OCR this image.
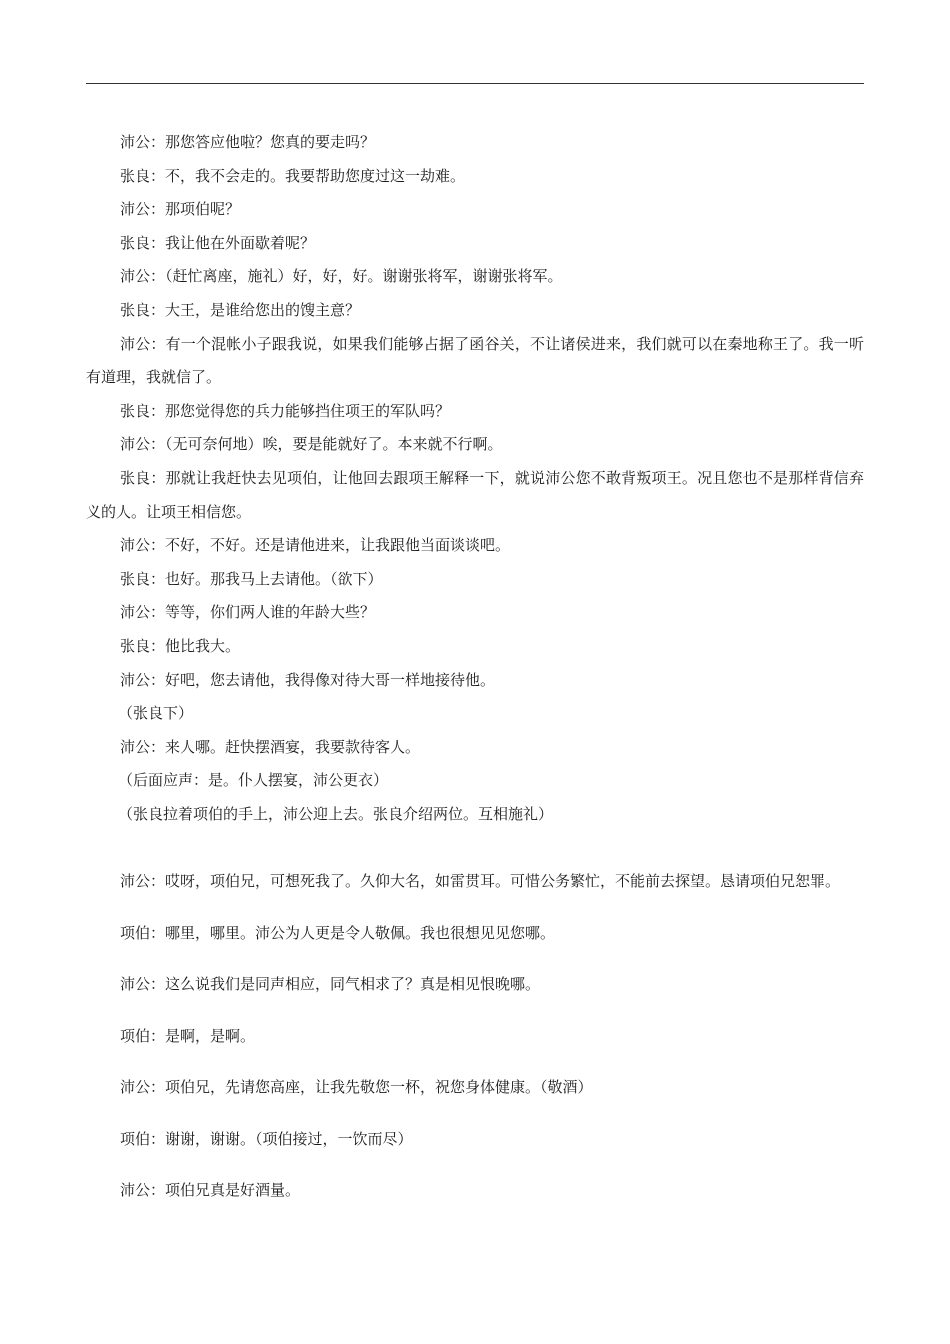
沛公：那您答应他啦？您真的要走吗？

张良：不，我不会走的。我要帮助您度过这一劫难。

沛公：那项伯呢？

张良：我让他在外面歇着呢？

沛公：（赶忙离座，施礼）好，好，好。谢谢张将军，谢谢张将军。

张良：大王，是谁给您出的馊主意？

沛公：有一个混帐小子跟我说，如果我们能够占据了函谷关，不让诸侯进来，我们就可以在秦地称王了。我一听有道理，我就信了。

张良：那您觉得您的兵力能够挡住项王的军队吗？

沛公：（无可奈何地）唉，要是能就好了。本来就不行啊。

张良：那就让我赶快去见项伯，让他回去跟项王解释一下，就说沛公您不敢背叛项王。况且您也不是那样背信弃义的人。让项王相信您。

沛公：不好，不好。还是请他进来，让我跟他当面谈谈吧。

张良：也好。那我马上去请他。（欲下）

沛公：等等，你们两人谁的年龄大些？

张良：他比我大。

沛公：好吧，您去请他，我得像对待大哥一样地接待他。

（张良下）

沛公：来人哪。赶快摆酒宴，我要款待客人。

（后面应声：是。仆人摆宴，沛公更衣）

（张良拉着项伯的手上，沛公迎上去。张良介绍两位。互相施礼）

沛公：哎呀，项伯兄，可想死我了。久仰大名，如雷贯耳。可惜公务繁忙，不能前去探望。恳请项伯兄恕罪。

项伯：哪里，哪里。沛公为人更是令人敬佩。我也很想见见您哪。

沛公：这么说我们是同声相应，同气相求了？真是相见恨晚哪。

项伯：是啊，是啊。

沛公：项伯兄，先请您高座，让我先敬您一杯，祝您身体健康。（敬酒）

项伯：谢谢，谢谢。（项伯接过，一饮而尽）

沛公：项伯兄真是好酒量。
